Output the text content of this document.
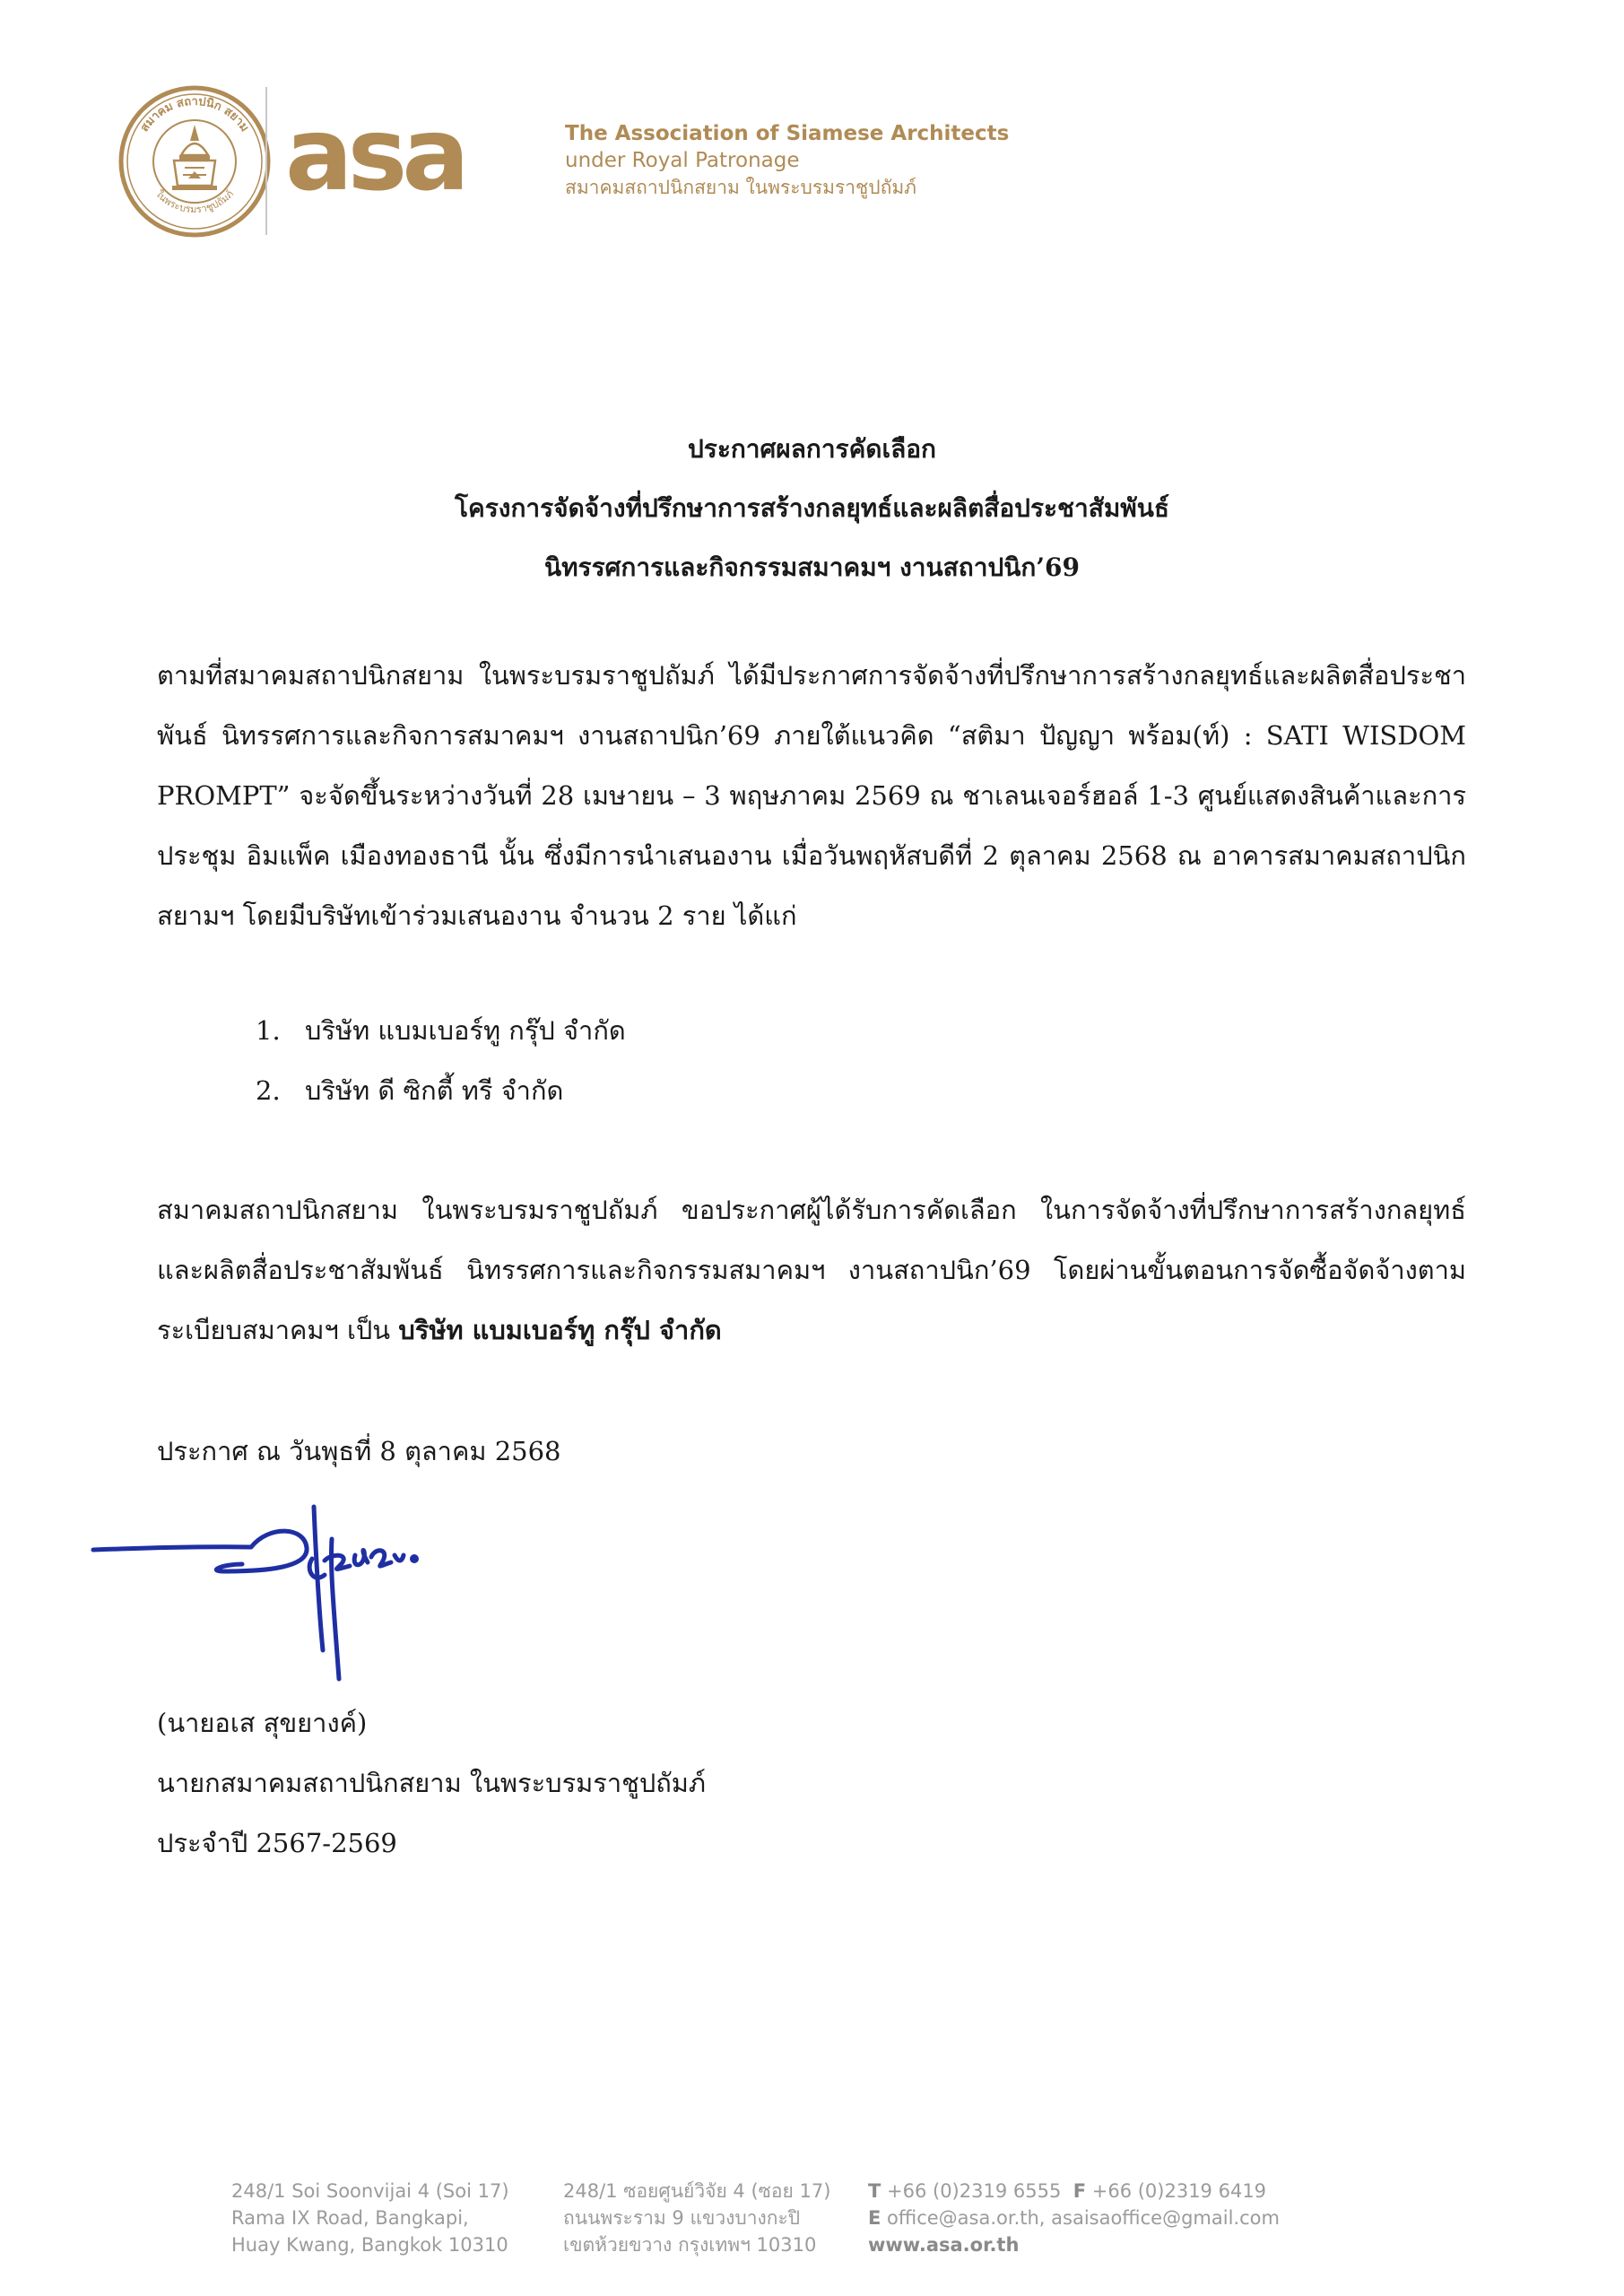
สมาคม สถาปนิก สยาม
ในพระบรมราชูปถัมภ์ asa	The Association of Siamese Architects
under Royal Patronage
สมาคมสถาปนิกสยาม ในพระบรมราชูปถัมภ์
ประกาศผลการคัดเลือก
โครงการจัดจ้างที่ปรึกษาการสร้างกลยุทธ์และผลิตสื่อประชาสัมพันธ์
นิทรรศการและกิจกรรมสมาคมฯ งานสถาปนิก’69
ตามที่สมาคมสถาปนิกสยาม ในพระบรมราชูปถัมภ์ ได้มีประกาศการจัดจ้างที่ปรึกษาการสร้างกลยุทธ์และผลิตสื่อประชาพันธ์ นิทรรศการและกิจการสมาคมฯ งานสถาปนิก’69 ภายใต้แนวคิด “สติมา ปัญญา พร้อม(ท์) : SATI WISDOM PROMPT” จะจัดขึ้นระหว่างวันที่ 28 เมษายน – 3 พฤษภาคม 2569 ณ ชาเลนเจอร์ฮอล์ 1-3 ศูนย์แสดงสินค้าและการประชุม อิมแพ็ค เมืองทองธานี นั้น ซึ่งมีการนำเสนองาน เมื่อวันพฤหัสบดีที่ 2 ตุลาคม 2568 ณ อาคารสมาคมสถาปนิกสยามฯ โดยมีบริษัทเข้าร่วมเสนองาน จำนวน 2 ราย ได้แก่
1. บริษัท แบมเบอร์ทู กรุ๊ป จำกัด
2. บริษัท ดี ซิกตี้ ทรี จำกัด
สมาคมสถาปนิกสยาม ในพระบรมราชูปถัมภ์ ขอประกาศผู้ได้รับการคัดเลือก ในการจัดจ้างที่ปรึกษาการสร้างกลยุทธ์และผลิตสื่อประชาสัมพันธ์ นิทรรศการและกิจกรรมสมาคมฯ งานสถาปนิก’69 โดยผ่านขั้นตอนการจัดซื้อจัดจ้างตามระเบียบสมาคมฯ เป็น บริษัท แบมเบอร์ทู กรุ๊ป จำกัด
ประกาศ ณ วันพุธที่ 8 ตุลาคม 2568
(นายอเส สุขยางค์)
นายกสมาคมสถาปนิกสยาม ในพระบรมราชูปถัมภ์
ประจำปี 2567-2569
248/1 Soi Soonvijai 4 (Soi 17)
Rama IX Road, Bangkapi,
Huay Kwang, Bangkok 10310
248/1 ซอยศูนย์วิจัย 4 (ซอย 17)
ถนนพระราม 9 แขวงบางกะปิ
เขตห้วยขวาง กรุงเทพฯ 10310
T +66 (0)2319 6555 F +66 (0)2319 6419
E office@asa.or.th, asaisaoffice@gmail.com
www.asa.or.th
